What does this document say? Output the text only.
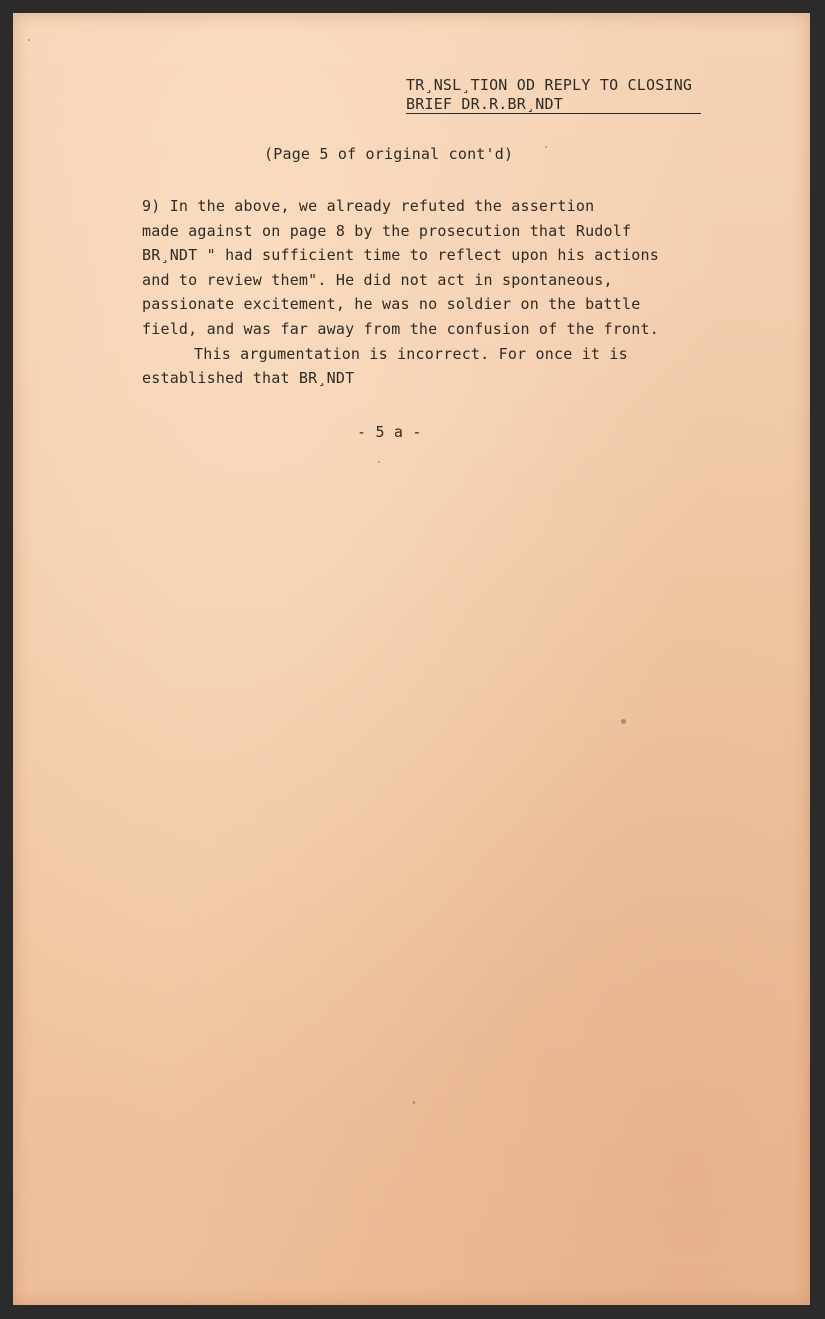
TR¸NSL¸TION OD REPLY TO CLOSING
BRIEF DR.R.BR¸NDT
(Page 5 of original cont'd)
9) In the above, we already refuted the assertion
made against on page 8 by the prosecution that Rudolf
BR¸NDT " had sufficient time to reflect upon his actions
and to review them". He did not act in spontaneous,
passionate excitement, he was no soldier on the battle
field, and was far away from the confusion of the front.
This argumentation is incorrect. For once it is
established that BR¸NDT
- 5 a -
